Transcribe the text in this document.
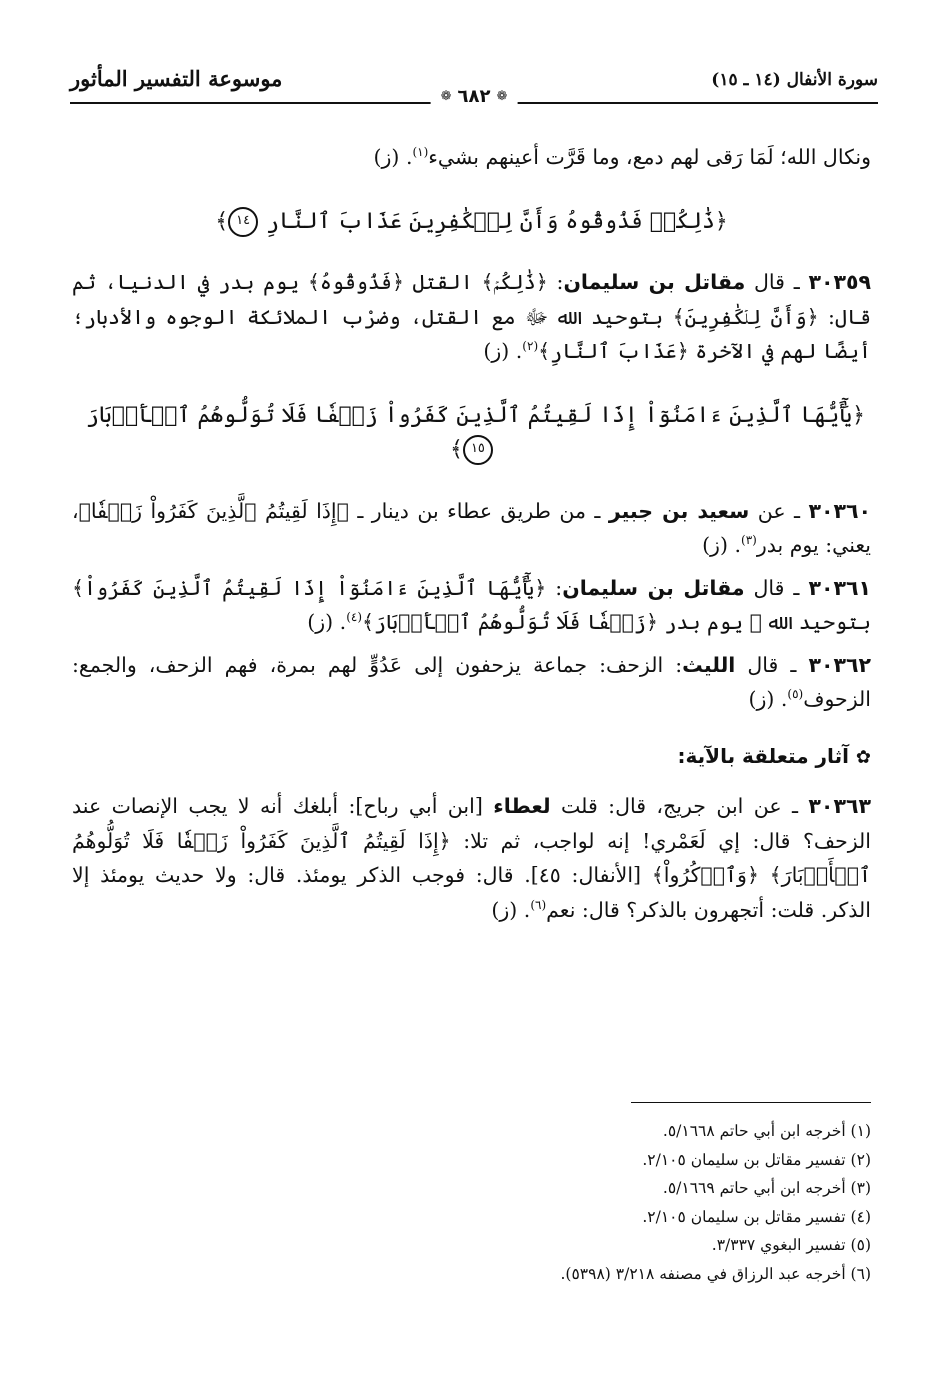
سورة الأنفال (١٤ ـ ١٥)
موسوعة التفسير المأثور
❁
٦٨٢
❁

ونكال الله؛ لَمَا رَقى لهم دمع، وما قَرَّت أعينهم بشيء$^{(١)}$. (ز)

﴿ذَٰلِكُمۡ فَذُوقُوهُ وَأَنَّ لِلۡكَٰفِرِينَ عَذَابَ ٱلنَّارِ١٤﴾

٣٠٣٥٩ ـ قال مقاتل بن سليمان: ﴿ذَٰلِكُمۡ﴾ القتل ﴿فَذُوقُوهُ﴾ يوم بدر في الدنيا، ثم قال: ﴿وَأَنَّ لِلۡكَٰفِرِينَ﴾ بتوحيد الله ﷻ مع القتل، وضرْب الملائكة الوجوه والأدبار؛ أيضًا لهم في الآخرة ﴿عَذَابَ ٱلنَّارِ﴾$^{(٢)}$. (ز)

﴿يَٰٓأَيُّهَا ٱلَّذِينَ ءَامَنُوٓاْ إِذَا لَقِيتُمُ ٱلَّذِينَ كَفَرُواْ زَحۡفٗا فَلَا تُوَلُّوهُمُ ٱلۡأَدۡبَارَ١٥﴾

٣٠٣٦٠ ـ عن سعيد بن جبير ـ من طريق عطاء بن دينار ـ ﴿إِذَا لَقِيتُمُ ٱلَّذِينَ كَفَرُواْ زَحۡفٗا﴾، يعني: يوم بدر$^{(٣)}$. (ز)

٣٠٣٦١ ـ قال مقاتل بن سليمان: ﴿يَٰٓأَيُّهَا ٱلَّذِينَ ءَامَنُوٓاْ إِذَا لَقِيتُمُ ٱلَّذِينَ كَفَرُواْ﴾ بتوحيد الله ﷻ يوم بدر ﴿زَحۡفٗا فَلَا تُوَلُّوهُمُ ٱلۡأَدۡبَارَ﴾$^{(٤)}$. (ز)

٣٠٣٦٢ ـ قال الليث: الزحف: جماعة يزحفون إلى عَدُوٍّ لهم بمرة، فهم الزحف، والجمع: الزحوف$^{(٥)}$. (ز)

✿ آثار متعلقة بالآية:

٣٠٣٦٣ ـ عن ابن جريج، قال: قلت لعطاء [ابن أبي رباح]: أبلغك أنه لا يجب الإنصات عند الزحف؟ قال: إي لَعَمْري! إنه لواجب، ثم تلا: ﴿إِذَا لَقِيتُمُ ٱلَّذِينَ كَفَرُواْ زَحۡفٗا فَلَا تُوَلُّوهُمُ ٱلۡأَدۡبَارَ﴾ ﴿وَٱذۡكُرُواْ﴾ [الأنفال: ٤٥]. قال: فوجب الذكر يومئذ. قال: ولا حديث يومئذ إلا الذكر. قلت: أتجهرون بالذكر؟ قال: نعم$^{(٦)}$. (ز)

(١) أخرجه ابن أبي حاتم ٥/١٦٦٨.
(٢) تفسير مقاتل بن سليمان ٢/١٠٥.
(٣) أخرجه ابن أبي حاتم ٥/١٦٦٩.
(٤) تفسير مقاتل بن سليمان ٢/١٠٥.
(٥) تفسير البغوي ٣/٣٣٧.
(٦) أخرجه عبد الرزاق في مصنفه ٣/٢١٨ (٥٣٩٨).
